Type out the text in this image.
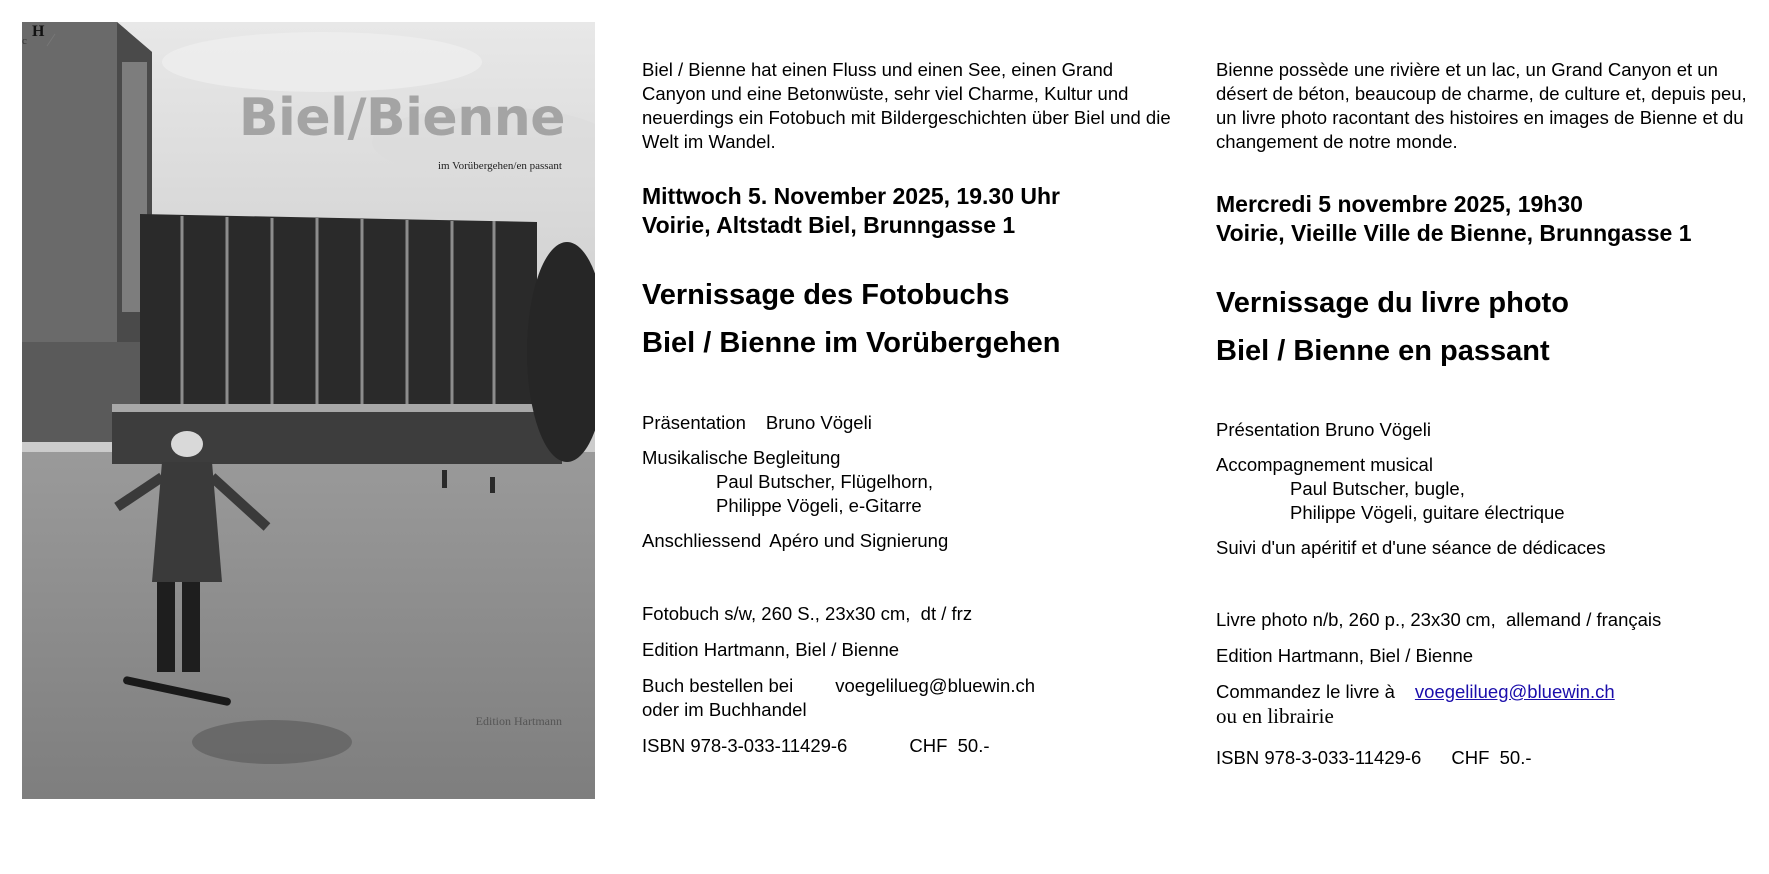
Biel/Bienne
im Vorübergehen/en passant
c
H
Edition Hartmann

Biel / Bienne hat einen Fluss und einen See, einen Grand Canyon und eine Betonwüste, sehr viel Charme, Kultur und neuerdings ein Fotobuch mit Bildergeschichten über Biel und die Welt im Wandel.

Mittwoch 5. November 2025, 19.30 Uhr

Voirie, Altstadt Biel, Brunngasse 1

Vernissage des Fotobuchs

Biel / Bienne im Vorübergehen

Präsentation Bruno Vögeli

Musikalische Begleitung

Paul Butscher, Flügelhorn,

Philippe Vögeli, e-Gitarre

Anschliessend Apéro und Signierung

Fotobuch s/w, 260 S., 23x30 cm,  dt / frz

Edition Hartmann, Biel / Bienne

Buch bestellen bei voegelilueg@bluewin.ch

oder im Buchhandel

ISBN 978-3-033-11429-6	CHF  50.-

Bienne possède une rivière et un lac, un Grand Canyon et un désert de béton, beaucoup de charme, de culture et, depuis peu, un livre photo racontant des histoires en images de Bienne et du changement de notre monde.

Mercredi 5 novembre 2025, 19h30

Voirie, Vieille Ville de Bienne, Brunngasse 1

Vernissage du livre photo

Biel / Bienne en passant

Présentation Bruno Vögeli

Accompagnement musical

Paul Butscher, bugle,

Philippe Vögeli, guitare électrique

Suivi d'un apéritif et d'une séance de dédicaces

Livre photo n/b, 260 p., 23x30 cm,  allemand / français

Edition Hartmann, Biel / Bienne

Commandez le livre à voegelilueg@bluewin.ch

ou en librairie

ISBN 978-3-033-11429-6 CHF  50.-
